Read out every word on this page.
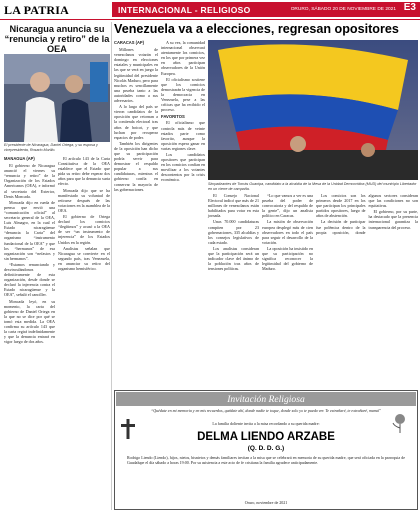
LA PATRIA	INTERNACIONAL - RELIGIOSO	ORURO, SÁBADO 20 DE NOVIEMBRE DE 2021 E3
Nicaragua anuncia su “renuncia y retiro” de la OEA
El presidente de Nicaragua, Daniel Ortega, y su esposa y vicepresidenta, Rosario Murillo.
MANAGUA (AP)

El gobierno de Nicaragua anunció el viernes su “renuncia y retiro” de la Organización de los Estados Americanos (OEA), e informó al secretario del Exterior, Denis Moncada.

Moncada dijo en rueda de prensa que envió una “comunicación oficial” al secretario general de la OEA, Luis Almagro, en la cual el Estado nicaragüense “denuncia la Carta” del organismo “instrumento fundacional de la OEA” y que los “hermanos” de esa organización son “nefastos y sin hermanos”.

“Estamos renunciando y desvinculándonos definitivamente de esta organización, desde donde se declaró la injerencia contra el Estado nicaragüense y la OEA”, señaló el canciller.

Moncada leyó, en su momento, la carta del gobierno de Daniel Ortega en la que no se dice por qué se tomó esta medida. La OEA confirma su artículo 143 que la carta regirá indefinidamente y que la denuncia entrará en vigor luego de dos años.

El artículo 143 de la Carta Constitutiva de la OEA establece que el Estado que pida su retiro debe esperar dos años para que la denuncia surta efecto.

Moncada dijo que se ha manifestado su voluntad de retirarse después de las votaciones en la asamblea de la OEA.

El gobierno de Ortega declaró los comicios “ilegítimos” y acusó a la OEA de ser “un instrumento de injerencia” de los Estados Unidos en la región.

Analistas señalan que Nicaragua se convierte en el segundo país, tras Venezuela, en anunciar su retiro del organismo hemisférico.

Venezuela va a elecciones, regresan opositores
CARACAS (AP)

Millones de venezolanos votarán el domingo en elecciones estatales y municipales en las que se verá en juego la legitimidad del presidente Nicolás Maduro, pero para muchos es sencillamente una prueba tanto a las autoridades como a sus adversarios.

A lo largo del país se vieron candidatos de la oposición que retornan a la contienda electoral tras años de boicot, y que luchan por recuperar espacios de poder.

También los dirigentes de la oposición han dicho que su participación podría servir para demostrar el respaldo popular a sus candidaturas, mientras el gobierno confía en conservar la mayoría de las gobernaciones.

A su vez, la comunidad internacional observará atentamente los comicios, en los que por primera vez en años participan observadores de la Unión Europea.

El oficialismo sostiene que los comicios demostrarán la vigencia de la democracia en Venezuela, pese a las críticas que ha recibido el proceso.

FAVORITOS

El oficialismo que controla más de veinte estados parte como favorito, aunque la oposición espera ganar en varias regiones clave.

Los candidatos opositores que participan en los comicios confían en movilizar a los votantes descontentos por la crisis económica.

Simpatizantes de Tomás Guanipa, candidato a la alcaldía de la Mesa de la Unidad Democrática (MUD) del municipio Libertador en un cierre de campaña.

El Consejo Nacional Electoral indicó que más de 21 millones de venezolanos están habilitados para votar en esta jornada.

Unas 70.000 candidaturas compiten por 23 gobernaciones, 335 alcaldías y los consejos legislativos de cada estado.

Los analistas consideran que la participación será un indicador clave del ánimo de la población tras años de tensiones políticas.

“Lo que vamos a ver es una prueba del poder de convocatoria y del respaldo de la gente”, dijo un analista político en Caracas.

La misión de observación europea desplegó más de cien observadores en todo el país para seguir el desarrollo de la votación.

La oposición ha insistido en que su participación no significa reconocer la legitimidad del gobierno de Maduro.

Los comicios son los primeros desde 2017 en los que participan los principales partidos opositores, luego de años de abstención.

La decisión de participar fue polémica dentro de la propia oposición, donde algunos sectores consideran que las condiciones no son equitativas.

El gobierno, por su parte, ha destacado que la presencia internacional garantiza la transparencia del proceso.

Invitación Religiosa
“Quédate en mi memoria y en mis recuerdos, quédate ahí, donde nadie te toque, donde solo yo te pueda ver. Te extrañaré, te extrañaré, mamá”
La familia doliente invita a la misa recordando a su querida madre:
DELMA LIENDO ARZABE
(Q. D. D. G.)
Rodrigo Liendo (Liendo), hijos, nietos, bisnietos y demás familiares invitan a la misa que se celebrará en memoria de su querida madre, que será oficiada en la parroquia de Guadalupe el día sábado a horas 19:00. Por su asistencia a este acto de fe cristiana la familia agradece anticipadamente.
Oruro, noviembre de 2021
